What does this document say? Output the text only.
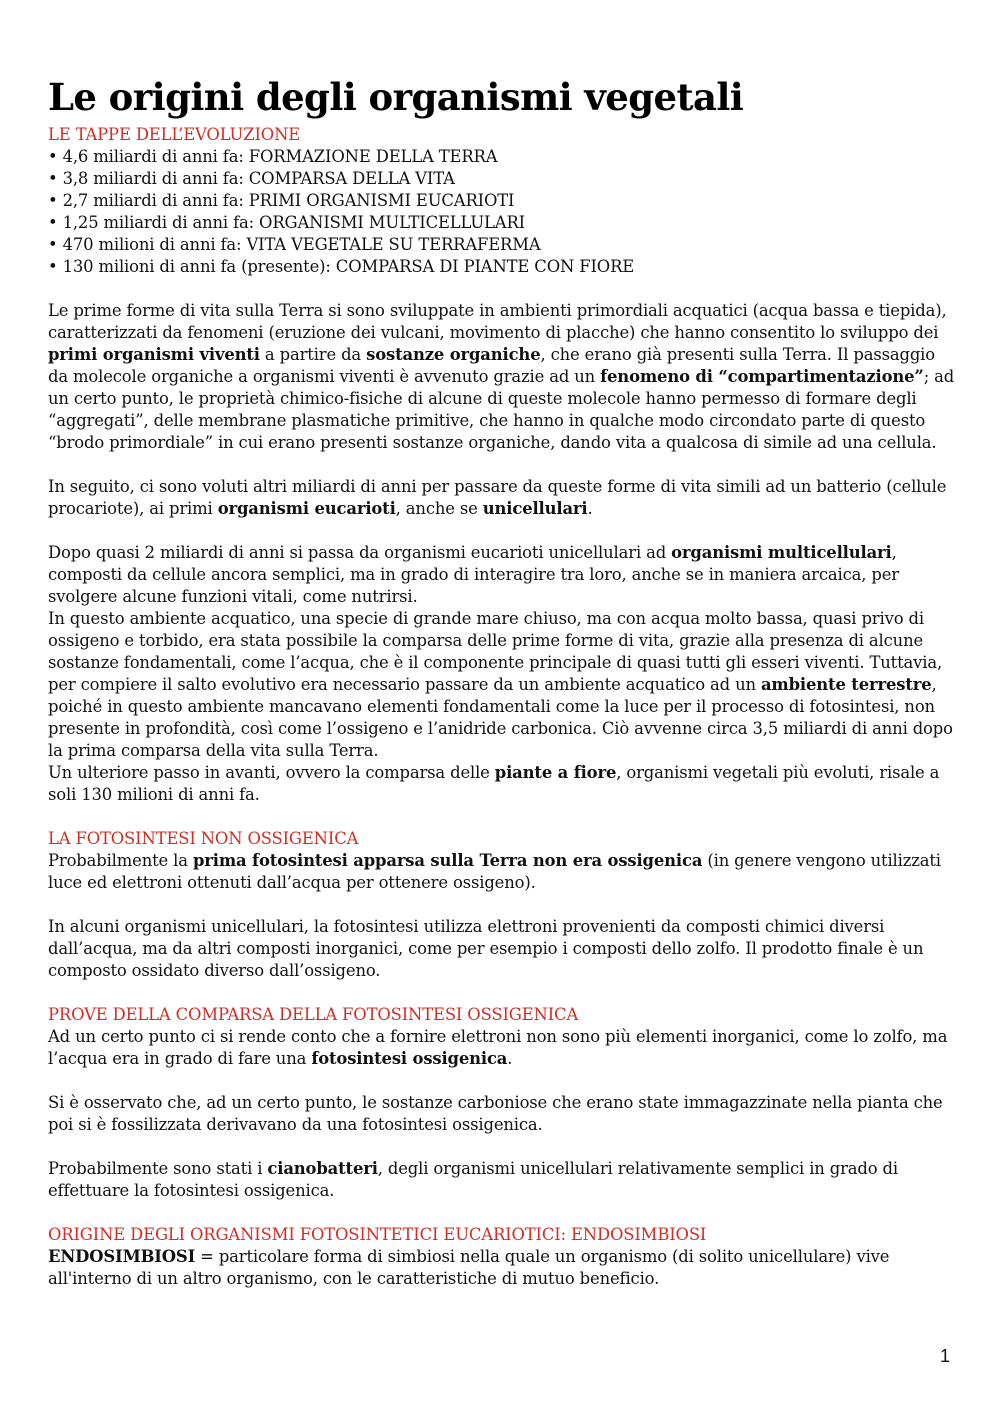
Le origini degli organismi vegetali
LE TAPPE DELL’EVOLUZIONE
• 4,6 miliardi di anni fa: FORMAZIONE DELLA TERRA
• 3,8 miliardi di anni fa: COMPARSA DELLA VITA
• 2,7 miliardi di anni fa: PRIMI ORGANISMI EUCARIOTI
• 1,25 miliardi di anni fa: ORGANISMI MULTICELLULARI
• 470 milioni di anni fa: VITA VEGETALE SU TERRAFERMA
• 130 milioni di anni fa (presente): COMPARSA DI PIANTE CON FIORE

Le prime forme di vita sulla Terra si sono sviluppate in ambienti primordiali acquatici (acqua bassa e tiepida), caratterizzati da fenomeni (eruzione dei vulcani, movimento di placche) che hanno consentito lo sviluppo dei primi organismi viventi a partire da sostanze organiche, che erano già presenti sulla Terra. Il passaggio da molecole organiche a organismi viventi è avvenuto grazie ad un fenomeno di “compartimentazione”; ad un certo punto, le proprietà chimico-fisiche di alcune di queste molecole hanno permesso di formare degli “aggregati”, delle membrane plasmatiche primitive, che hanno in qualche modo circondato parte di questo “brodo primordiale” in cui erano presenti sostanze organiche, dando vita a qualcosa di simile ad una cellula.

In seguito, ci sono voluti altri miliardi di anni per passare da queste forme di vita simili ad un batterio (cellule procariote), ai primi organismi eucarioti, anche se unicellulari.

Dopo quasi 2 miliardi di anni si passa da organismi eucarioti unicellulari ad organismi multicellulari, composti da cellule ancora semplici, ma in grado di interagire tra loro, anche se in maniera arcaica, per svolgere alcune funzioni vitali, come nutrirsi.

In questo ambiente acquatico, una specie di grande mare chiuso, ma con acqua molto bassa, quasi privo di ossigeno e torbido, era stata possibile la comparsa delle prime forme di vita, grazie alla presenza di alcune sostanze fondamentali, come l’acqua, che è il componente principale di quasi tutti gli esseri viventi. Tuttavia, per compiere il salto evolutivo era necessario passare da un ambiente acquatico ad un ambiente terrestre, poiché in questo ambiente mancavano elementi fondamentali come la luce per il processo di fotosintesi, non presente in profondità, così come l’ossigeno e l’anidride carbonica. Ciò avvenne circa 3,5 miliardi di anni dopo la prima comparsa della vita sulla Terra.

Un ulteriore passo in avanti, ovvero la comparsa delle piante a fiore, organismi vegetali più evoluti, risale a soli 130 milioni di anni fa.

LA FOTOSINTESI NON OSSIGENICA

Probabilmente la prima fotosintesi apparsa sulla Terra non era ossigenica (in genere vengono utilizzati luce ed elettroni ottenuti dall’acqua per ottenere ossigeno).

In alcuni organismi unicellulari, la fotosintesi utilizza elettroni provenienti da composti chimici diversi dall’acqua, ma da altri composti inorganici, come per esempio i composti dello zolfo. Il prodotto finale è un composto ossidato diverso dall’ossigeno.

PROVE DELLA COMPARSA DELLA FOTOSINTESI OSSIGENICA

Ad un certo punto ci si rende conto che a fornire elettroni non sono più elementi inorganici, come lo zolfo, ma l’acqua era in grado di fare una fotosintesi ossigenica.

Si è osservato che, ad un certo punto, le sostanze carboniose che erano state immagazzinate nella pianta che poi si è fossilizzata derivavano da una fotosintesi ossigenica.

Probabilmente sono stati i cianobatteri, degli organismi unicellulari relativamente semplici in grado di effettuare la fotosintesi ossigenica.

ORIGINE DEGLI ORGANISMI FOTOSINTETICI EUCARIOTICI: ENDOSIMBIOSI

ENDOSIMBIOSI = particolare forma di simbiosi nella quale un organismo (di solito unicellulare) vive all'interno di un altro organismo, con le caratteristiche di mutuo beneficio.

1
